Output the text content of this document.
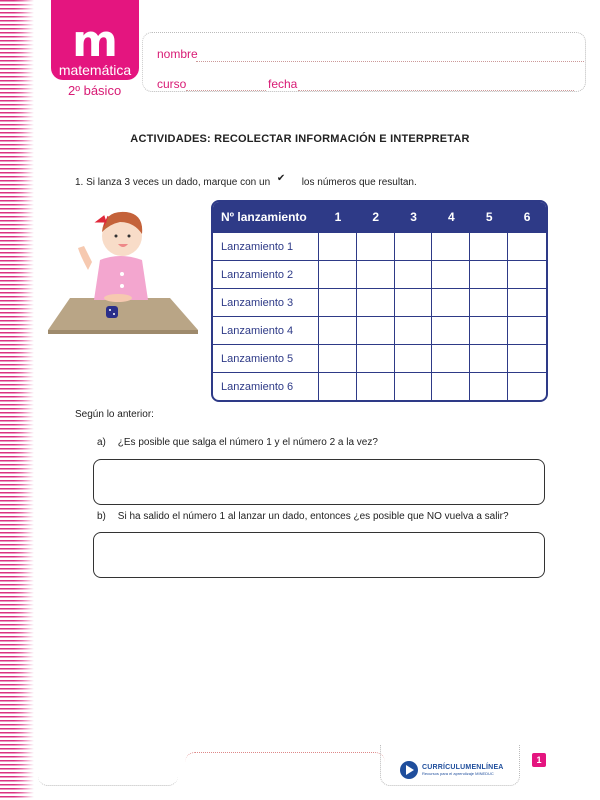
m
matemática
2º básico
nombre
curso	fecha
ACTIVIDADES: RECOLECTAR INFORMACIÓN E INTERPRETAR
1. Si lanza 3 veces un dado, marque con un ✔ los números que resultan.
Nº lanzamiento	1	2	3	4	5	6
Lanzamiento 1						
Lanzamiento 2						
Lanzamiento 3						
Lanzamiento 4						
Lanzamiento 5						
Lanzamiento 6						
Según lo anterior:
a) ¿Es posible que salga el número 1 y el número 2 a la vez?
b) Si ha salido el número 1 al lanzar un dado, entonces ¿es posible que NO vuelva a salir?
CURRÍCULUMENLÍNEA
Recursos para el aprendizaje MINEDUC
1
